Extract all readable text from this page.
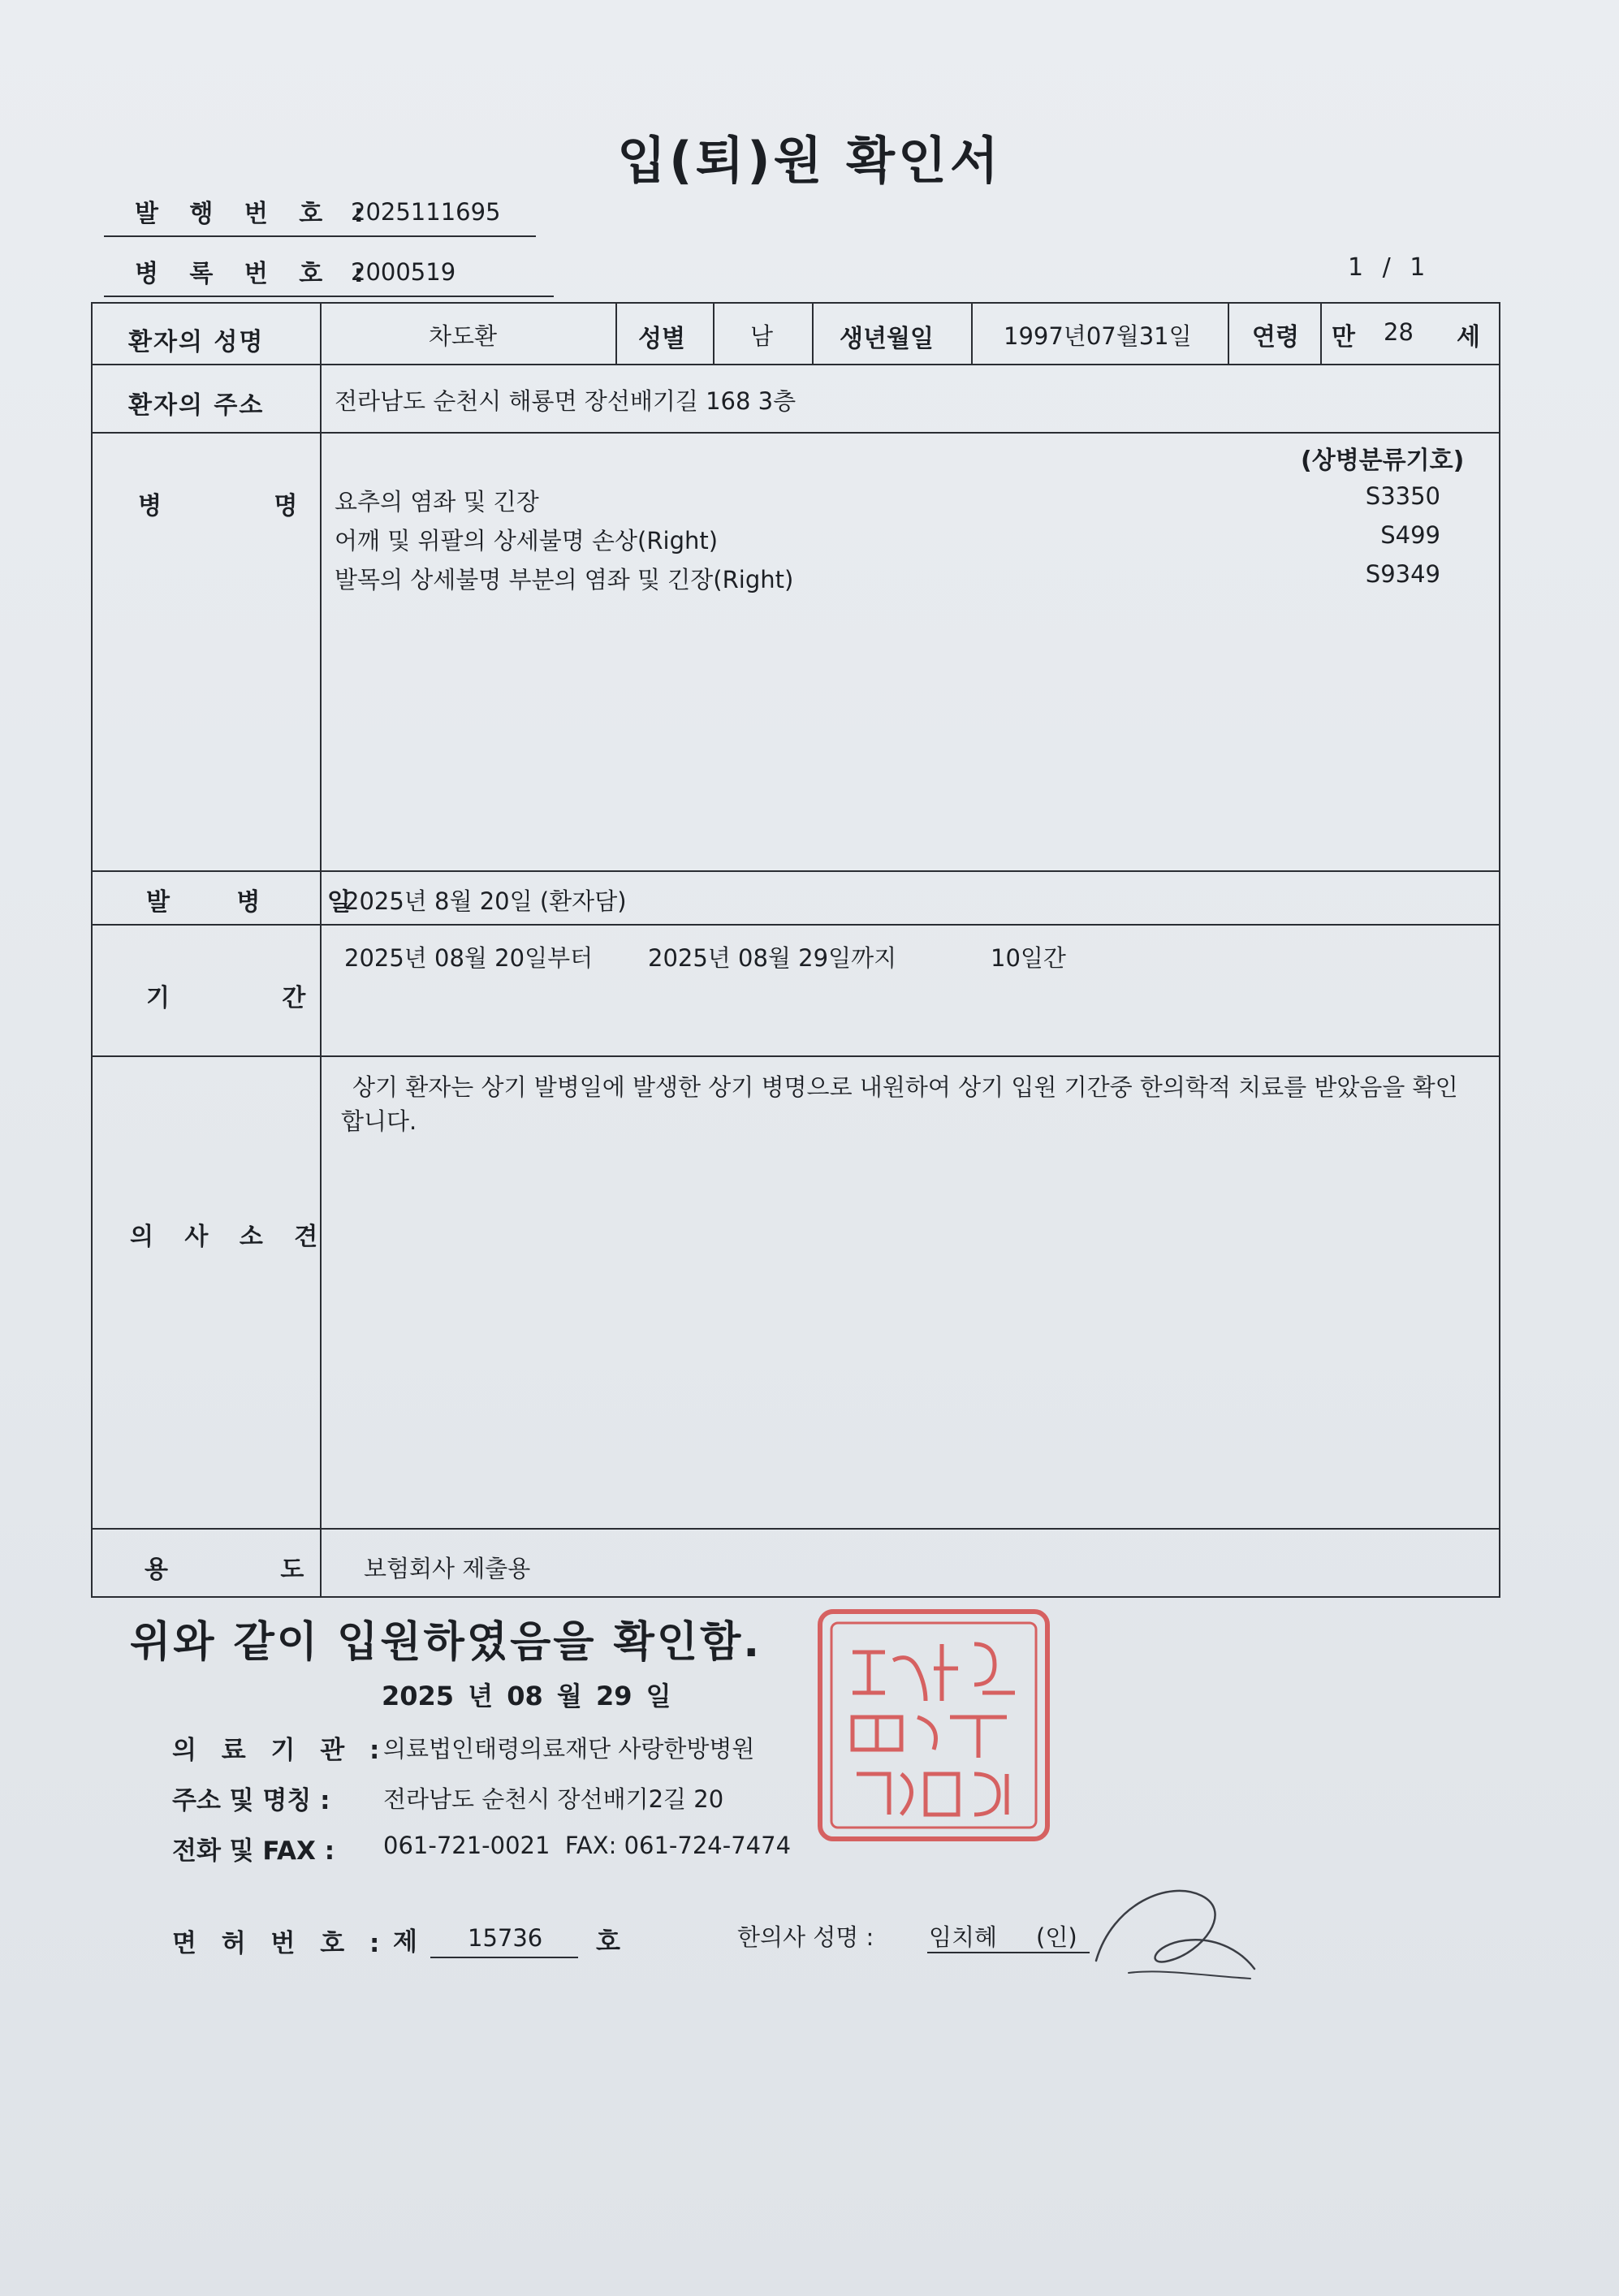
입(퇴)원 확인서
발 행 번 호 :
2025111695
병 록 번 호 :
2000519	1 / 1
환자의 성명	차도환	성별	남	생년월일	1997년07월31일 연령 만 28 세
환자의 주소	전라남도 순천시 해룡면 장선배기길 168 3층
병 명
(상병분류기호)
요추의 염좌 및 긴장	S3350
어깨 및 위팔의 상세불명 손상(Right)	S499
발목의 상세불명 부분의 염좌 및 긴장(Right)	S9349
발 병 일
2025년 8월 20일 (환자담)
기 간
2025년 08월 20일부터 2025년 08월 29일까지	10일간
의 사 소 견
상기 환자는 상기 발병일에 발생한 상기 병명으로 내원하여 상기 입원 기간중 한의학적 치료를 받았음을 확인합니다.
용 도 보험회사 제출용
위와 같이 입원하였음을 확인함.
2025 년 08 월 29 일
의 료 기 관 :
의료법인태령의료재단 사랑한방병원
주소 및 명칭 : 전라남도 순천시 장선배기2길 20
전화 및 FAX : 061-721-0021  FAX: 061-724-7474
면 허 번 호 : 제 15736 호	한의사 성명 : 임치혜 (인)
